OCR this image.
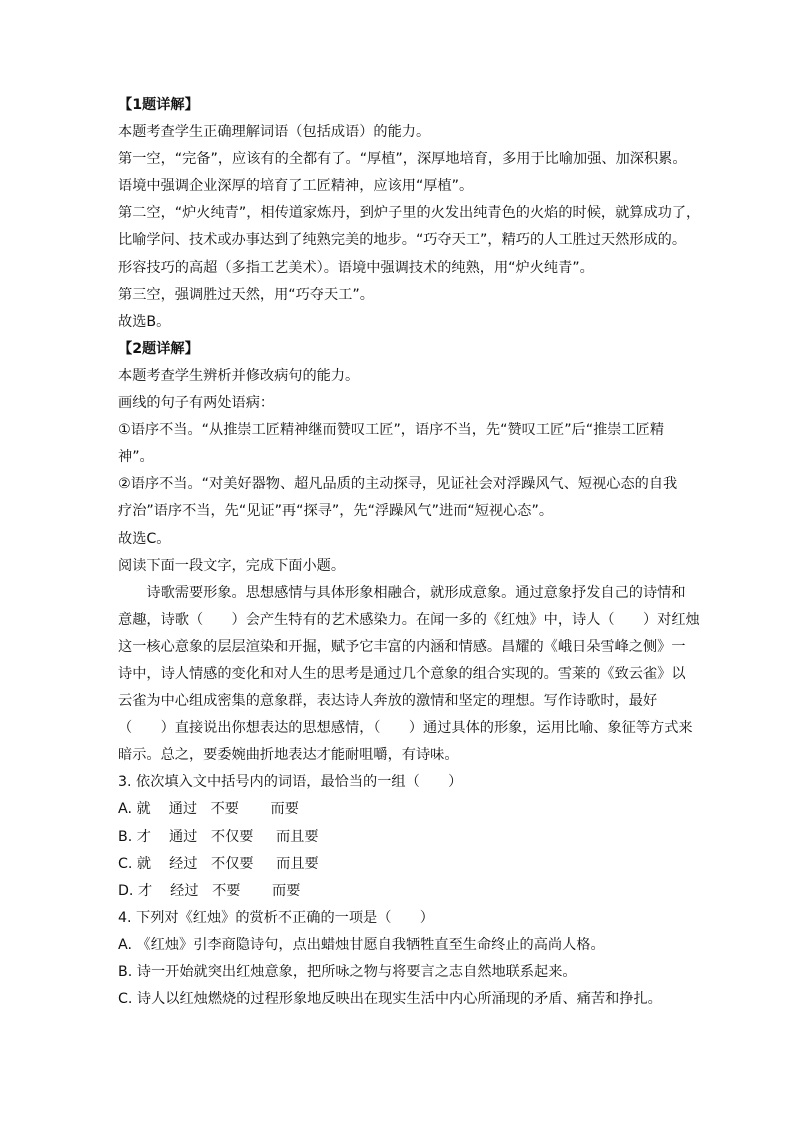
【1题详解】

本题考查学生正确理解词语（包括成语）的能力。

第一空，“完备”，应该有的全都有了。“厚植”，深厚地培育，多用于比喻加强、加深积累。

语境中强调企业深厚的培育了工匠精神，应该用“厚植”。

第二空，“炉火纯青”，相传道家炼丹，到炉子里的火发出纯青色的火焰的时候，就算成功了，

比喻学问、技术或办事达到了纯熟完美的地步。“巧夺天工”，精巧的人工胜过天然形成的。

形容技巧的高超（多指工艺美术）。语境中强调技术的纯熟，用“炉火纯青”。

第三空，强调胜过天然，用“巧夺天工”。

故选B。

【2题详解】

本题考查学生辨析并修改病句的能力。

画线的句子有两处语病：

①语序不当。“从推崇工匠精神继而赞叹工匠”，语序不当，先“赞叹工匠”后“推崇工匠精

神”。

②语序不当。“对美好器物、超凡品质的主动探寻，见证社会对浮躁风气、短视心态的自我

疗治”语序不当，先“见证”再“探寻”，先“浮躁风气”进而“短视心态”。

故选C。

阅读下面一段文字，完成下面小题。

诗歌需要形象。思想感情与具体形象相融合，就形成意象。通过意象抒发自己的诗情和

意趣，诗歌（　　）会产生特有的艺术感染力。在闻一多的《红烛》中，诗人（　　）对红烛

这一核心意象的层层渲染和开掘，赋予它丰富的内涵和情感。昌耀的《峨日朵雪峰之侧》一

诗中，诗人情感的变化和对人生的思考是通过几个意象的组合实现的。雪莱的《致云雀》以

云雀为中心组成密集的意象群，表达诗人奔放的激情和坚定的理想。写作诗歌时，最好

（　　）直接说出你想表达的思想感情，（　　）通过具体的形象，运用比喻、象征等方式来

暗示。总之，要委婉曲折地表达才能耐咀嚼，有诗味。

3. 依次填入文中括号内的词语，最恰当的一组（　　）

A. 就    通过   不要       而要

B. 才    通过   不仅要     而且要

C. 就    经过   不仅要     而且要

D. 才    经过   不要       而要

4. 下列对《红烛》的赏析不正确的一项是（　　）

A. 《红烛》引李商隐诗句，点出蜡烛甘愿自我牺牲直至生命终止的高尚人格。

B. 诗一开始就突出红烛意象，把所咏之物与将要言之志自然地联系起来。

C. 诗人以红烛燃烧的过程形象地反映出在现实生活中内心所涌现的矛盾、痛苦和挣扎。
